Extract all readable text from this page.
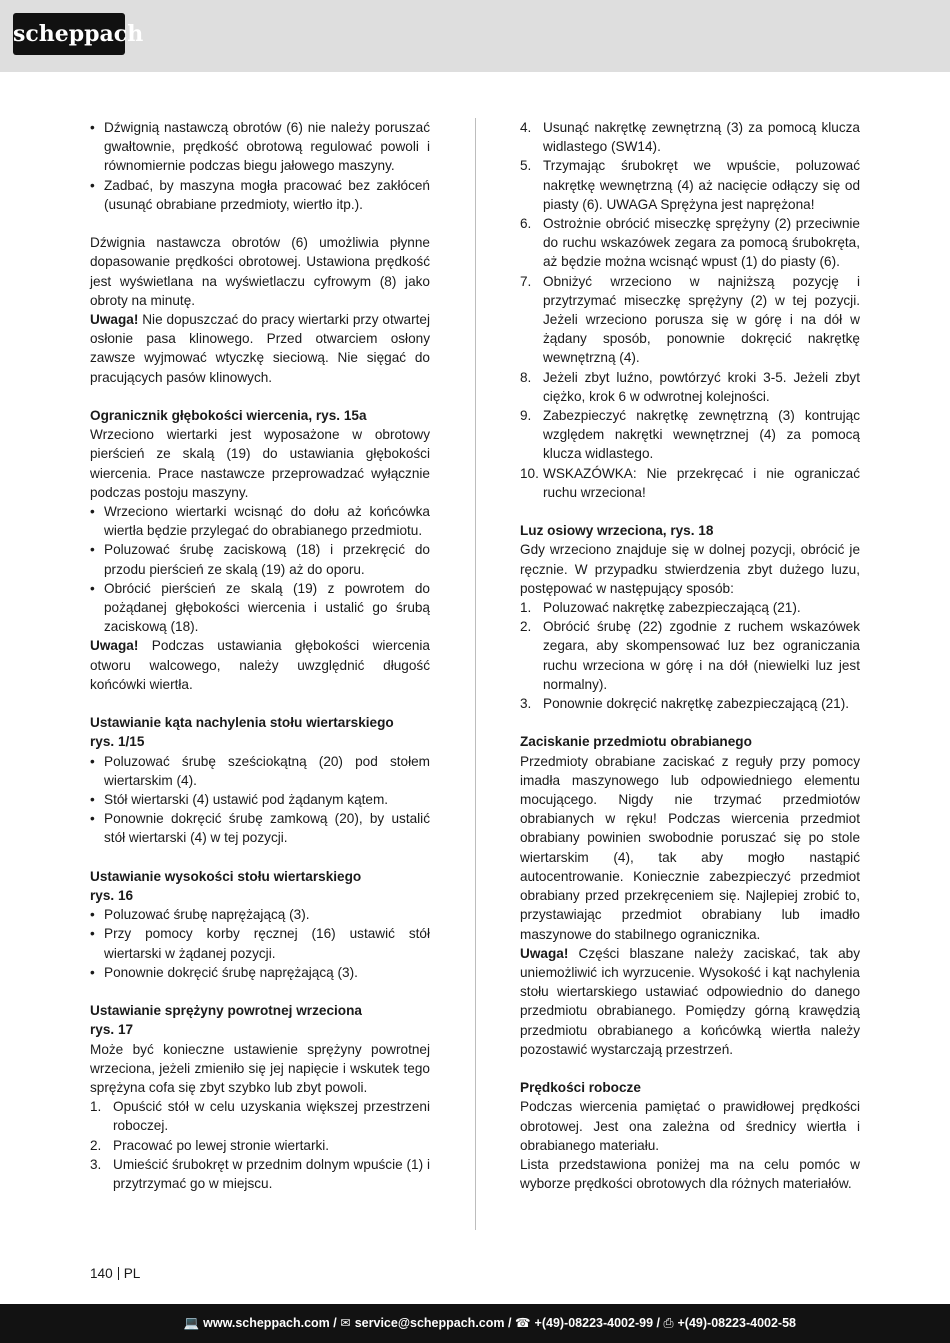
scheppach

• Dźwignią nastawczą obrotów (6) nie należy poruszać gwałtownie, prędkość obrotową regulować powoli i równomiernie podczas biegu jałowego maszyny.

• Zadbać, by maszyna mogła pracować bez zakłóceń (usunąć obrabiane przedmioty, wiertło itp.).

Dźwignia nastawcza obrotów (6) umożliwia płynne dopasowanie prędkości obrotowej. Ustawiona prędkość jest wyświetlana na wyświetlaczu cyfrowym (8) jako obroty na minutę.

Uwaga! Nie dopuszczać do pracy wiertarki przy otwartej osłonie pasa klinowego. Przed otwarciem osłony zawsze wyjmować wtyczkę sieciową. Nie sięgać do pracujących pasów klinowych.

Ogranicznik głębokości wiercenia, rys. 15a

Wrzeciono wiertarki jest wyposażone w obrotowy pierścień ze skalą (19) do ustawiania głębokości wiercenia. Prace nastawcze przeprowadzać wyłącznie podczas postoju maszyny.

• Wrzeciono wiertarki wcisnąć do dołu aż końcówka wiertła będzie przylegać do obrabianego przedmiotu.

• Poluzować śrubę zaciskową (18) i przekręcić do przodu pierścień ze skalą (19) aż do oporu.

• Obrócić pierścień ze skalą (19) z powrotem do pożądanej głębokości wiercenia i ustalić go śrubą zaciskową (18).

Uwaga! Podczas ustawiania głębokości wiercenia otworu walcowego, należy uwzględnić długość końcówki wiertła.

Ustawianie kąta nachylenia stołu wiertarskiego
rys. 1/15

• Poluzować śrubę sześciokątną (20) pod stołem wiertarskim (4).

• Stół wiertarski (4) ustawić pod żądanym kątem.

• Ponownie dokręcić śrubę zamkową (20), by ustalić stół wiertarski (4) w tej pozycji.

Ustawianie wysokości stołu wiertarskiego
rys. 16

• Poluzować śrubę naprężającą (3).

• Przy pomocy korby ręcznej (16) ustawić stół wiertarski w żądanej pozycji.

• Ponownie dokręcić śrubę naprężającą (3).

Ustawianie sprężyny powrotnej wrzeciona
rys. 17

Może być konieczne ustawienie sprężyny powrotnej wrzeciona, jeżeli zmieniło się jej napięcie i wskutek tego sprężyna cofa się zbyt szybko lub zbyt powoli.

1. Opuścić stół w celu uzyskania większej przestrzeni roboczej.

2. Pracować po lewej stronie wiertarki.

3. Umieścić śrubokręt w przednim dolnym wpuście (1) i przytrzymać go w miejscu.

4. Usunąć nakrętkę zewnętrzną (3) za pomocą klucza widlastego (SW14).

5. Trzymając śrubokręt we wpuście, poluzować nakrętkę wewnętrzną (4) aż nacięcie odłączy się od piasty (6). UWAGA Sprężyna jest naprężona!

6. Ostrożnie obrócić miseczkę sprężyny (2) przeciwnie do ruchu wskazówek zegara za pomocą śrubokręta, aż będzie można wcisnąć wpust (1) do piasty (6).

7. Obniżyć wrzeciono w najniższą pozycję i przytrzymać miseczkę sprężyny (2) w tej pozycji. Jeżeli wrzeciono porusza się w górę i na dół w żądany sposób, ponownie dokręcić nakrętkę wewnętrzną (4).

8. Jeżeli zbyt luźno, powtórzyć kroki 3-5. Jeżeli zbyt ciężko, krok 6 w odwrotnej kolejności.

9. Zabezpieczyć nakrętkę zewnętrzną (3) kontrując względem nakrętki wewnętrznej (4) za pomocą klucza widlastego.

10. WSKAZÓWKA: Nie przekręcać i nie ograniczać ruchu wrzeciona!

Luz osiowy wrzeciona, rys. 18

Gdy wrzeciono znajduje się w dolnej pozycji, obrócić je ręcznie. W przypadku stwierdzenia zbyt dużego luzu, postępować w następujący sposób:

1. Poluzować nakrętkę zabezpieczającą (21).

2. Obrócić śrubę (22) zgodnie z ruchem wskazówek zegara, aby skompensować luz bez ograniczania ruchu wrzeciona w górę i na dół (niewielki luz jest normalny).

3. Ponownie dokręcić nakrętkę zabezpieczającą (21).

Zaciskanie przedmiotu obrabianego

Przedmioty obrabiane zaciskać z reguły przy pomocy imadła maszynowego lub odpowiedniego elementu mocującego. Nigdy nie trzymać przedmiotów obrabianych w ręku! Podczas wiercenia przedmiot obrabiany powinien swobodnie poruszać się po stole wiertarskim (4), tak aby mogło nastąpić autocentrowanie. Koniecznie zabezpieczyć przedmiot obrabiany przed przekręceniem się. Najlepiej zrobić to, przystawiając przedmiot obrabiany lub imadło maszynowe do stabilnego ogranicznika.

Uwaga! Części blaszane należy zaciskać, tak aby uniemożliwić ich wyrzucenie. Wysokość i kąt nachylenia stołu wiertarskiego ustawiać odpowiednio do danego przedmiotu obrabianego. Pomiędzy górną krawędzią przedmiotu obrabianego a końcówką wiertła należy pozostawić wystarczają przestrzeń.

Prędkości robocze

Podczas wiercenia pamiętać o prawidłowej prędkości obrotowej. Jest ona zależna od średnicy wiertła i obrabianego materiału.

Lista przedstawiona poniżej ma na celu pomóc w wyborze prędkości obrotowych dla różnych materiałów.

140 PL
💻 www.scheppach.com / ✉ service@scheppach.com / ☎ +(49)-08223-4002-99 / ⎙ +(49)-08223-4002-58
